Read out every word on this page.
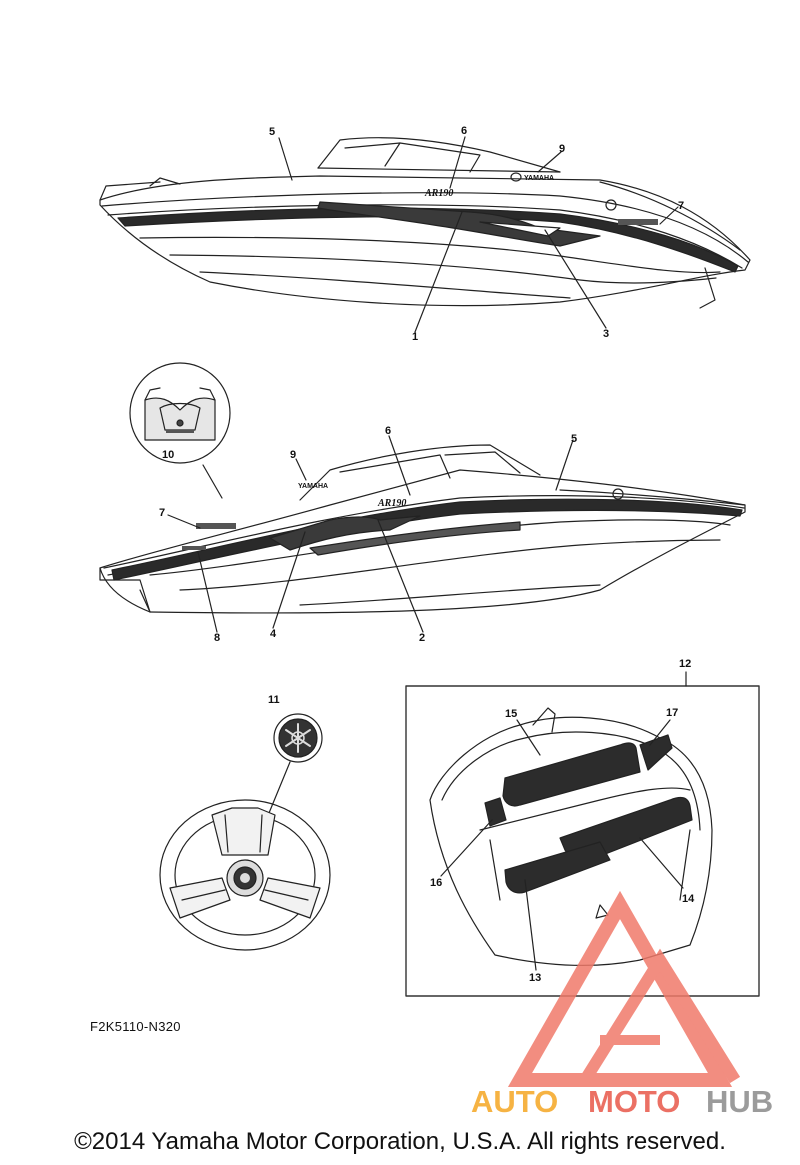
YAMAHA
AR190
YAMAHA
AR190
1
2
3
4
5
5
6
6
7
7
8
9
9
10
11
12
13
14
15
16
17
AUTO MOTO HUB
F2K5110-N320
©2014 Yamaha Motor Corporation, U.S.A. All rights reserved.
